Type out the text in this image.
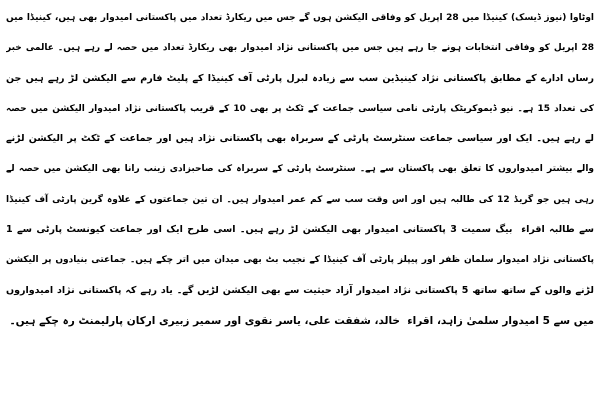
اوٹاوا (نیوز ڈیسک) کینیڈا میں 28 اپریل کو وفاقی الیکشن ہوں گے جس میں ریکارڈ تعداد میں پاکستانی امیدوار بھی ہیں، کینیڈا میں
28 اپریل کو وفاقی انتخابات ہونے جا رہے ہیں جس میں پاکستانی نژاد امیدوار بھی ریکارڈ تعداد میں حصہ لے رہے ہیں۔ عالمی خبر
رساں ادارے کے مطابق پاکستانی نژاد کینیڈین سب سے زیادہ لبرل پارٹی آف کینیڈا کے پلیٹ فارم سے الیکشن لڑ رہے ہیں جن
کی تعداد 15 ہے۔ نیو ڈیموکریٹک پارٹی نامی سیاسی جماعت کے ٹکٹ پر بھی 10 کے قریب پاکستانی نژاد امیدوار الیکشن میں حصہ
لے رہے ہیں۔ ایک اور سیاسی جماعت سنٹرسٹ پارٹی کے سربراہ بھی پاکستانی نژاد ہیں اور جماعت کے ٹکٹ پر الیکشن لڑنے
والے بیشتر امیدواروں کا تعلق بھی پاکستان سے ہے۔ سنٹرسٹ پارٹی کے سربراہ کی صاحبزادی زینب رانا بھی الیکشن میں حصہ لے
رہی ہیں جو گریڈ 12 کی طالبہ ہیں اور اس وقت سب سے کم عمر امیدوار ہیں۔ ان تین جماعتوں کے علاوہ گرین پارٹی آف کینیڈا
سے طالبہ اقراء ￼ بیگ سمیت 3 پاکستانی امیدوار بھی الیکشن لڑ رہے ہیں۔ اسی طرح ایک اور جماعت کیونسٹ پارٹی سے 1
پاکستانی نژاد امیدوار سلمان ظفر اور پیپلز پارٹی آف کینیڈا کے نجیب بٹ بھی میدان میں اتر چکے ہیں۔ جماعتی بنیادوں پر الیکشن
لڑنے والوں کے ساتھ ساتھ 5 پاکستانی نژاد امیدوار آزاد حیثیت سے بھی الیکشن لڑیں گے۔ یاد رہے کہ پاکستانی نژاد امیدواروں
میں سے 5 امیدوار سلمیٰ زاہد، اقراء ￼ خالد، شفقت علی، یاسر نقوی اور سمیر زبیری ارکان پارلیمنٹ رہ چکے ہیں۔
